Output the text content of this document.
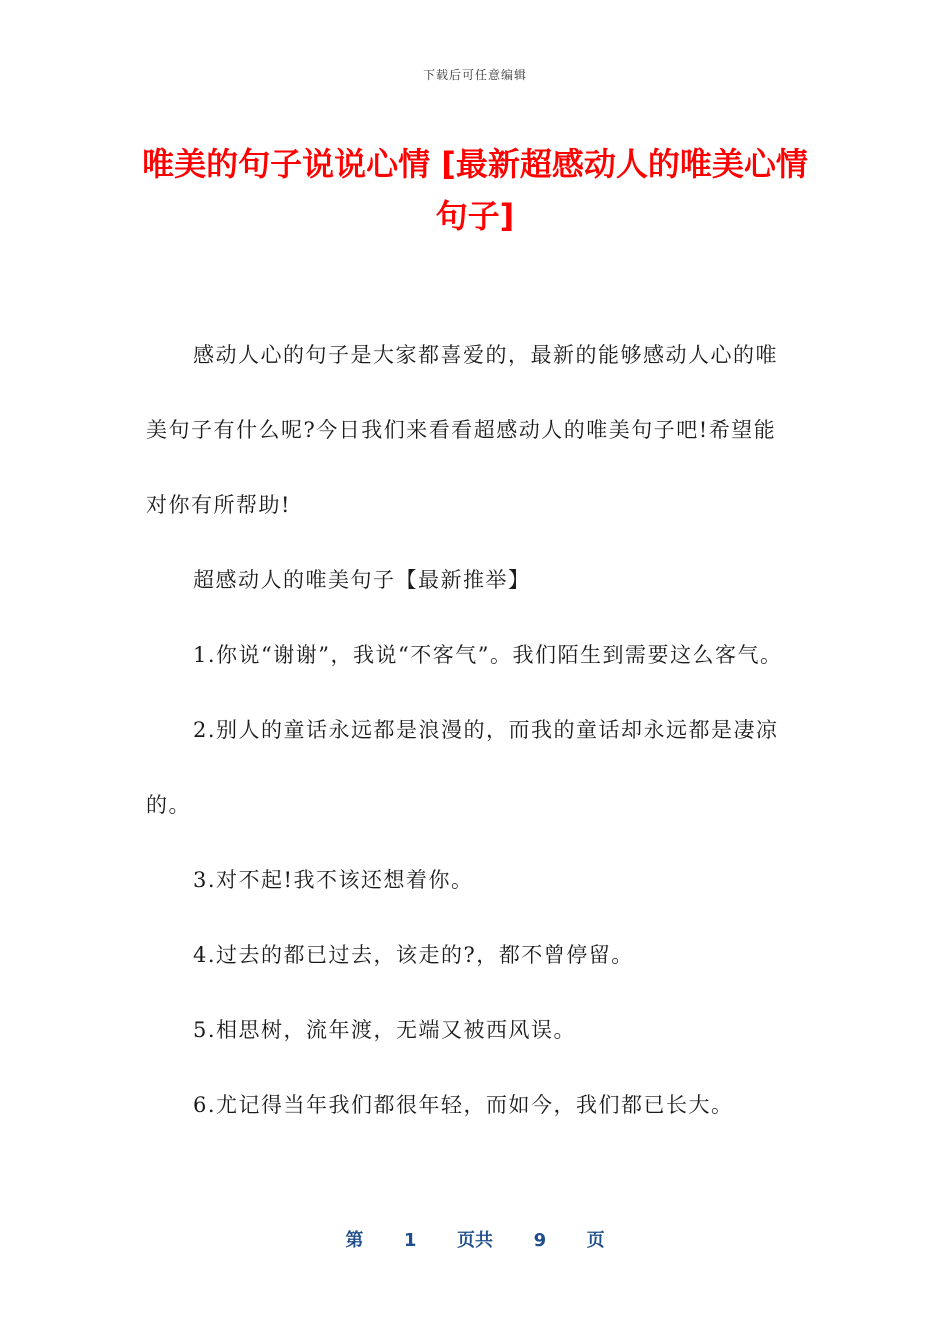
下载后可任意编辑
唯美的句子说说心情 [最新超感动人的唯美心情句子]

感动人心的句子是大家都喜爱的，最新的能够感动人心的唯美句子有什么呢?今日我们来看看超感动人的唯美句子吧!希望能对你有所帮助!

超感动人的唯美句子【最新推举】

1.你说“谢谢”，我说“不客气”。我们陌生到需要这么客气。

2.别人的童话永远都是浪漫的，而我的童话却永远都是凄凉的。

3.对不起!我不该还想着你。

4.过去的都已过去，该走的?，都不曾停留。

5.相思树，流年渡，无端又被西风误。

6.尤记得当年我们都很年轻，而如今，我们都已长大。

第 1 页共 9 页
